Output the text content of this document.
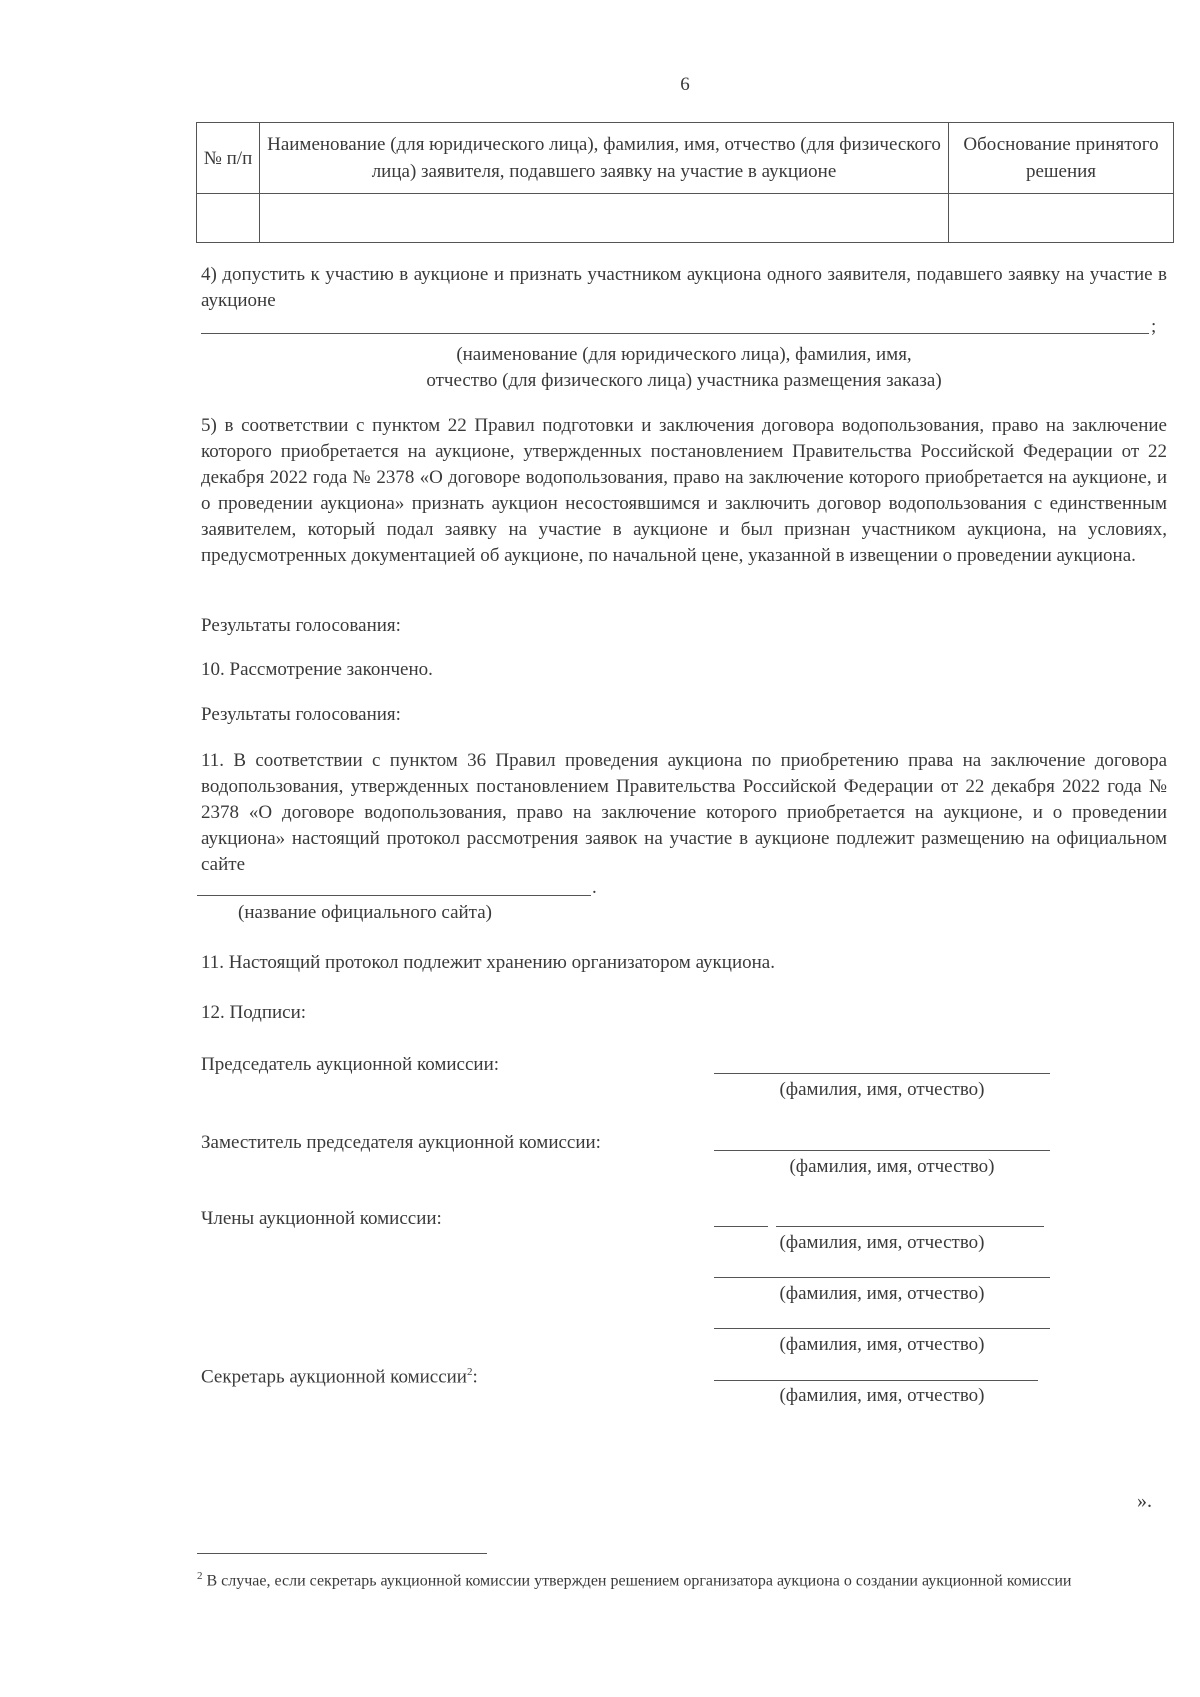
6
№ п/п	Наименование (для юридического лица), фамилия, имя, отчество (для физического лица) заявителя, подавшего заявку на участие в аукционе	Обоснование принятого решения

4) допустить к участию в аукционе и признать участником аукциона одного заявителя, подавшего заявку на участие в аукционе
;
(наименование (для юридического лица), фамилия, имя,
отчество (для физического лица) участника размещения заказа)
5) в соответствии с пунктом 22 Правил подготовки и заключения договора водопользования, право на заключение которого приобретается на аукционе, утвержденных постановлением Правительства Российской Федерации от 22 декабря 2022 года № 2378 «О договоре водопользования, право на заключение которого приобретается на аукционе, и о проведении аукциона» признать аукцион несостоявшимся и заключить договор водопользования с единственным заявителем, который подал заявку на участие в аукционе и был признан участником аукциона, на условиях, предусмотренных документацией об аукционе, по начальной цене, указанной в извещении о проведении аукциона.
Результаты голосования:
10. Рассмотрение закончено.
Результаты голосования:
11. В соответствии с пунктом 36 Правил проведения аукциона по приобретению права на заключение договора водопользования, утвержденных постановлением Правительства Российской Федерации от 22 декабря 2022 года № 2378 «О договоре водопользования, право на заключение которого приобретается на аукционе, и о проведении аукциона» настоящий протокол рассмотрения заявок на участие в аукционе подлежит размещению на официальном сайте
.
(название официального сайта)
11. Настоящий протокол подлежит хранению организатором аукциона.
12. Подписи:
Председатель аукционной комиссии:
(фамилия, имя, отчество)
Заместитель председателя аукционной комиссии:
(фамилия, имя, отчество)
Члены аукционной комиссии:
(фамилия, имя, отчество)
(фамилия, имя, отчество)
(фамилия, имя, отчество)
Секретарь аукционной комиссии$^2$:
(фамилия, имя, отчество)
».
$^2$ В случае, если секретарь аукционной комиссии утвержден решением организатора аукциона о создании аукционной комиссии
